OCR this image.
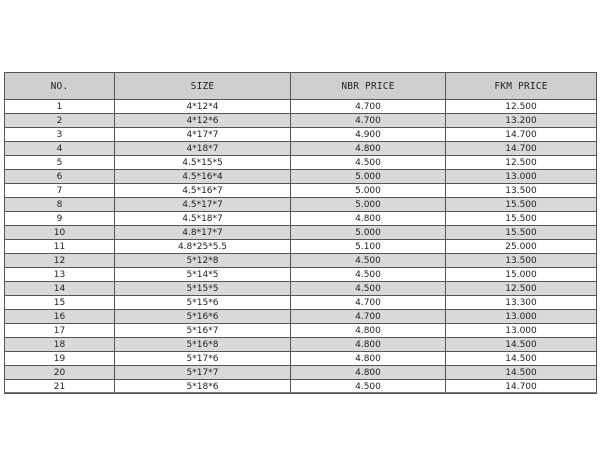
NO.	SIZE	NBR PRICE	FKM PRICE
1	4*12*4	4.700	12.500
2	4*12*6	4.700	13.200
3	4*17*7	4.900	14.700
4	4*18*7	4.800	14.700
5	4.5*15*5	4.500	12.500
6	4.5*16*4	5.000	13.000
7	4.5*16*7	5.000	13.500
8	4.5*17*7	5.000	15.500
9	4.5*18*7	4.800	15.500
10	4.8*17*7	5.000	15.500
11	4.8*25*5.5	5.100	25.000
12	5*12*8	4.500	13.500
13	5*14*5	4.500	15.000
14	5*15*5	4.500	12.500
15	5*15*6	4.700	13.300
16	5*16*6	4.700	13.000
17	5*16*7	4.800	13.000
18	5*16*8	4.800	14.500
19	5*17*6	4.800	14.500
20	5*17*7	4.800	14.500
21	5*18*6	4.500	14.700
